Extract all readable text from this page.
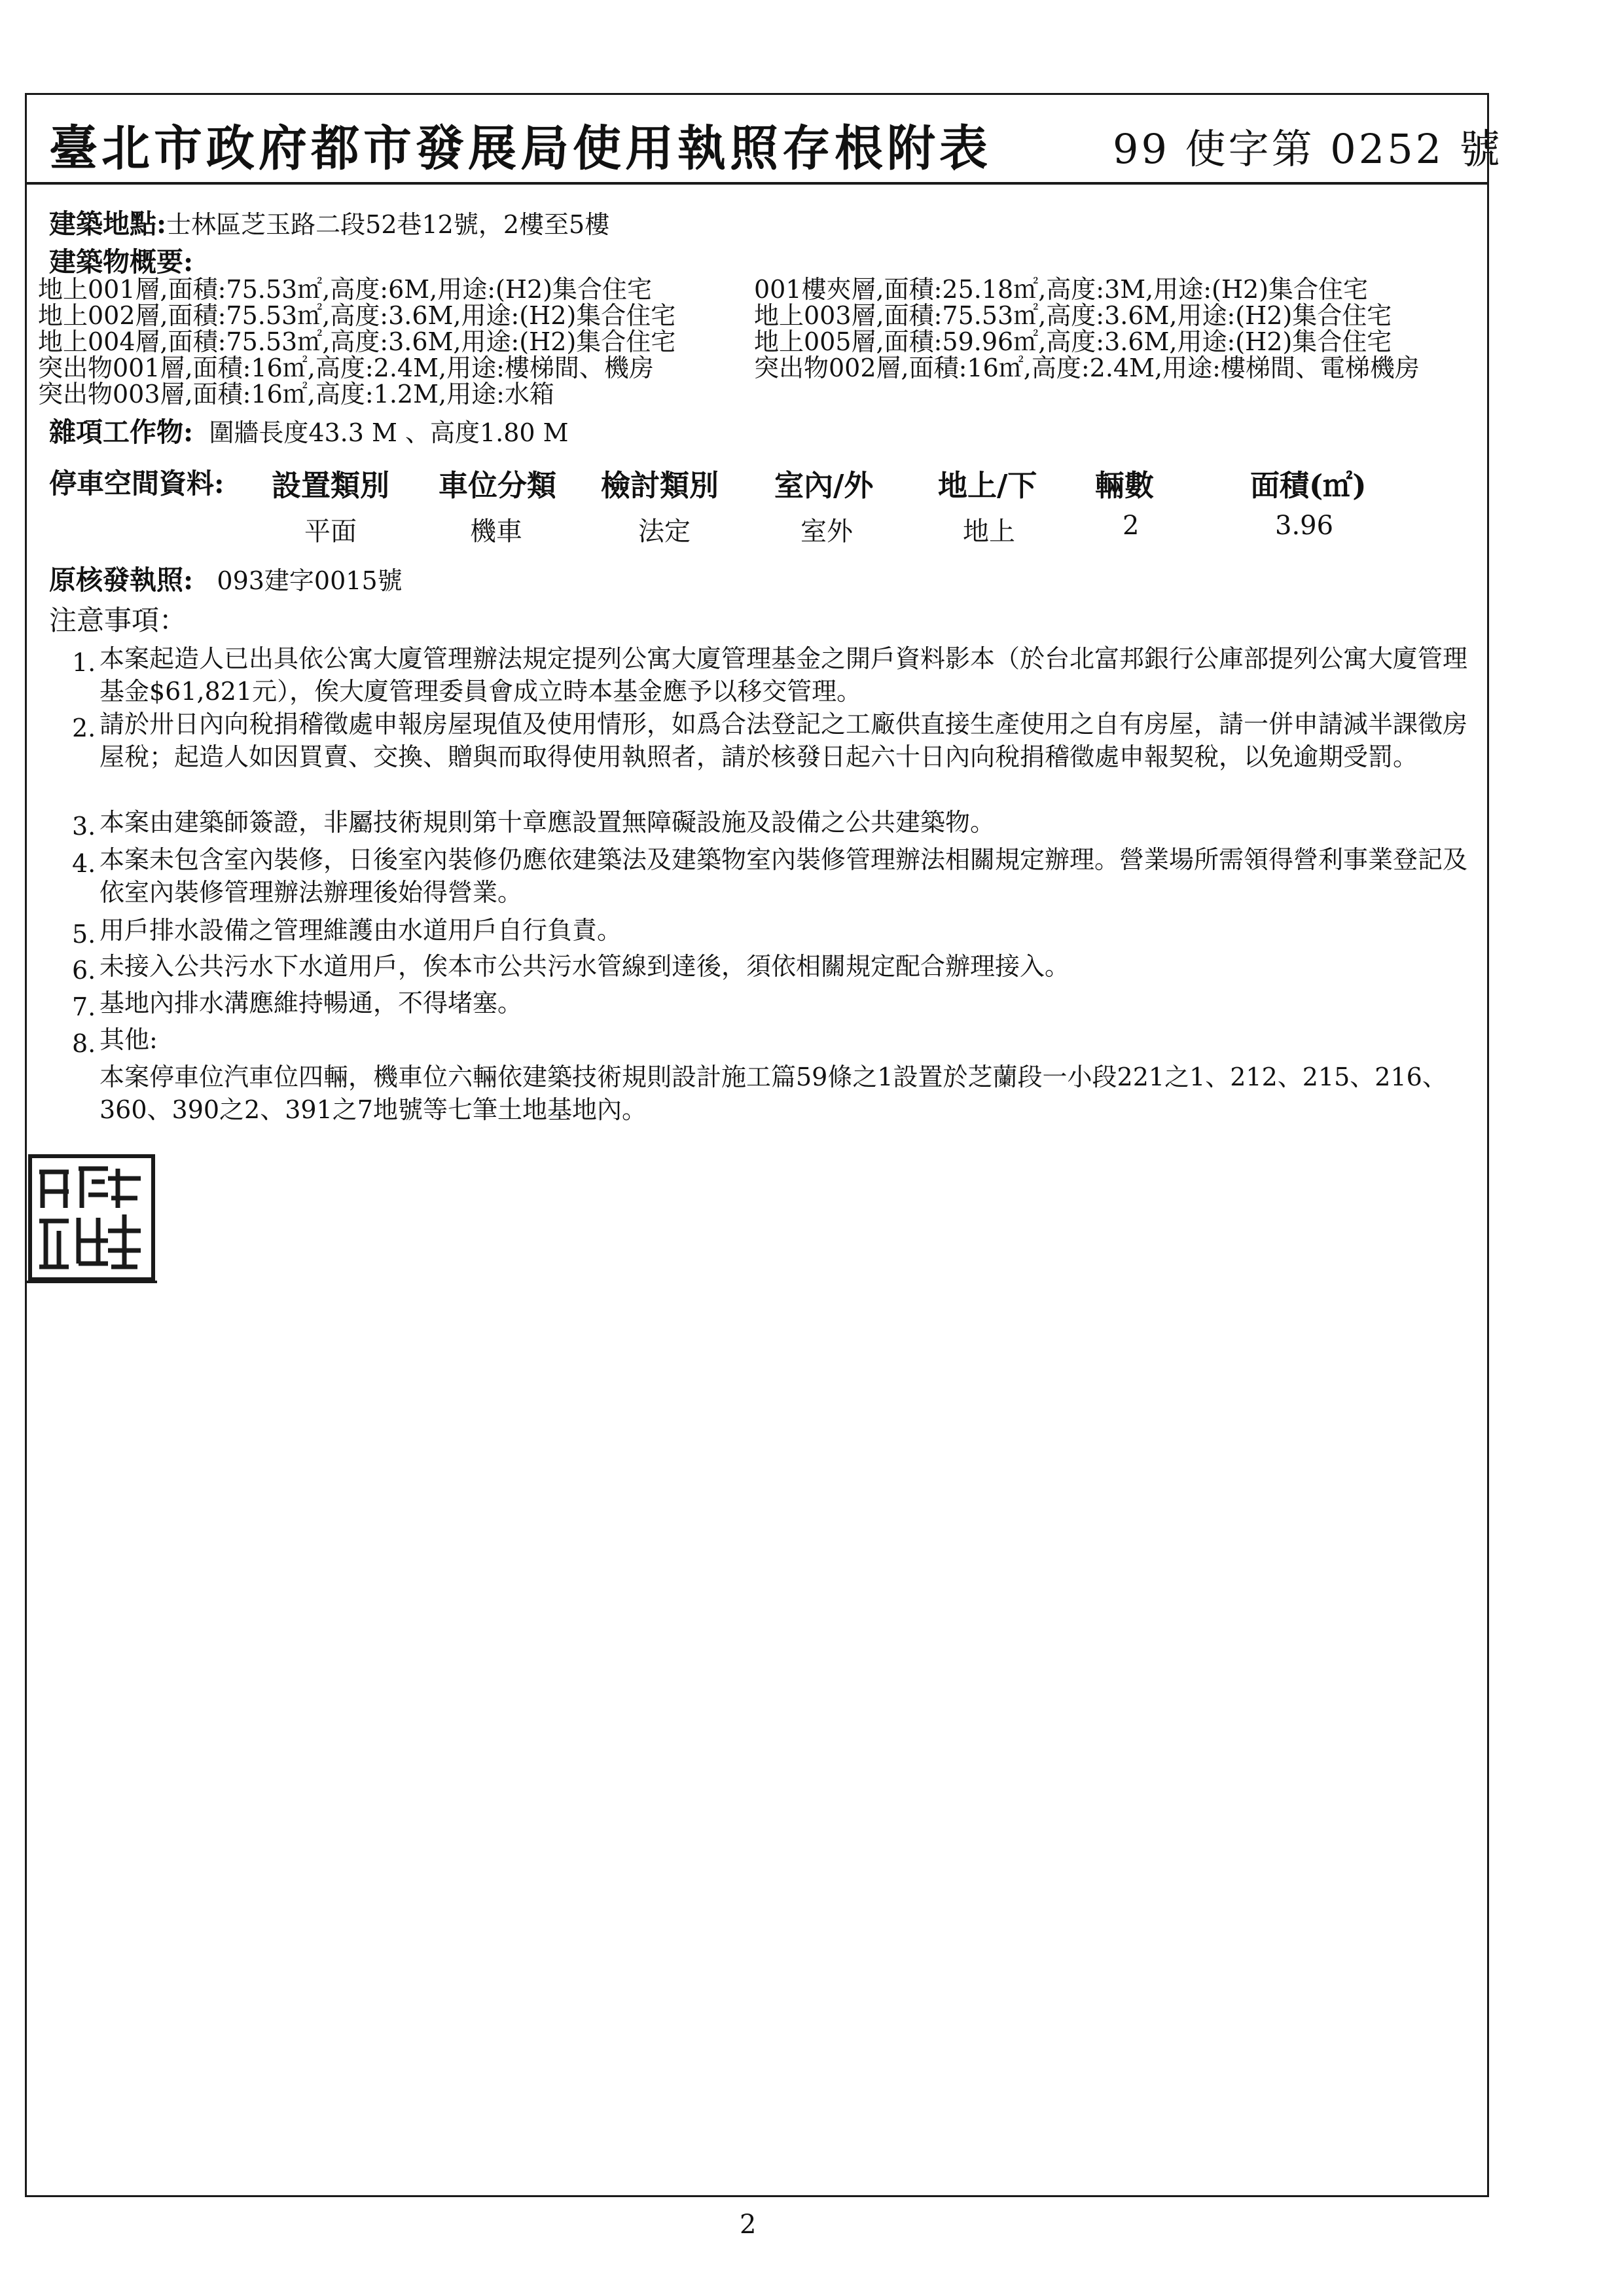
臺北市政府都市發展局使用執照存根附表	99 使字第 0252 號
建築地點:士林區芝玉路二段52巷12號，2樓至5樓
建築物概要:
地上001層,面積:75.53㎡,高度:6M,用途:(H2)集合住宅	001樓夾層,面積:25.18㎡,高度:3M,用途:(H2)集合住宅
地上002層,面積:75.53㎡,高度:3.6M,用途:(H2)集合住宅	地上003層,面積:75.53㎡,高度:3.6M,用途:(H2)集合住宅
地上004層,面積:75.53㎡,高度:3.6M,用途:(H2)集合住宅	地上005層,面積:59.96㎡,高度:3.6M,用途:(H2)集合住宅
突出物001層,面積:16㎡,高度:2.4M,用途:樓梯間、機房	突出物002層,面積:16㎡,高度:2.4M,用途:樓梯間、電梯機房
突出物003層,面積:16㎡,高度:1.2M,用途:水箱
雜項工作物: 圍牆長度43.3 M 、高度1.80 M
停車空間資料: 設置類別 車位分類 檢討類別 室內/外 地上/下 輛數	面積(㎡)
平面	機車	法定	室外	地上	2	3.96
原核發執照: 093建字0015號
注意事項：
1. 本案起造人已出具依公寓大廈管理辦法規定提列公寓大廈管理基金之開戶資料影本（於台北富邦銀行公庫部提列公寓大廈管理基金$61,821元），俟大廈管理委員會成立時本基金應予以移交管理。
2. 請於卅日內向稅捐稽徵處申報房屋現值及使用情形，如爲合法登記之工廠供直接生產使用之自有房屋，請一併申請減半課徵房屋稅；起造人如因買賣、交換、贈與而取得使用執照者，請於核發日起六十日內向稅捐稽徵處申報契稅，以免逾期受罰。
3. 本案由建築師簽證，非屬技術規則第十章應設置無障礙設施及設備之公共建築物。
4. 本案未包含室內裝修，日後室內裝修仍應依建築法及建築物室內裝修管理辦法相關規定辦理。營業場所需領得營利事業登記及依室內裝修管理辦法辦理後始得營業。
5. 用戶排水設備之管理維護由水道用戶自行負責。
6. 未接入公共污水下水道用戶，俟本市公共污水管線到達後，須依相關規定配合辦理接入。
7. 基地內排水溝應維持暢通，不得堵塞。
8. 其他:
本案停車位汽車位四輛，機車位六輛依建築技術規則設計施工篇59條之1設置於芝蘭段一小段221之1、212、215、216、360、390之2、391之7地號等七筆土地基地內。
2
